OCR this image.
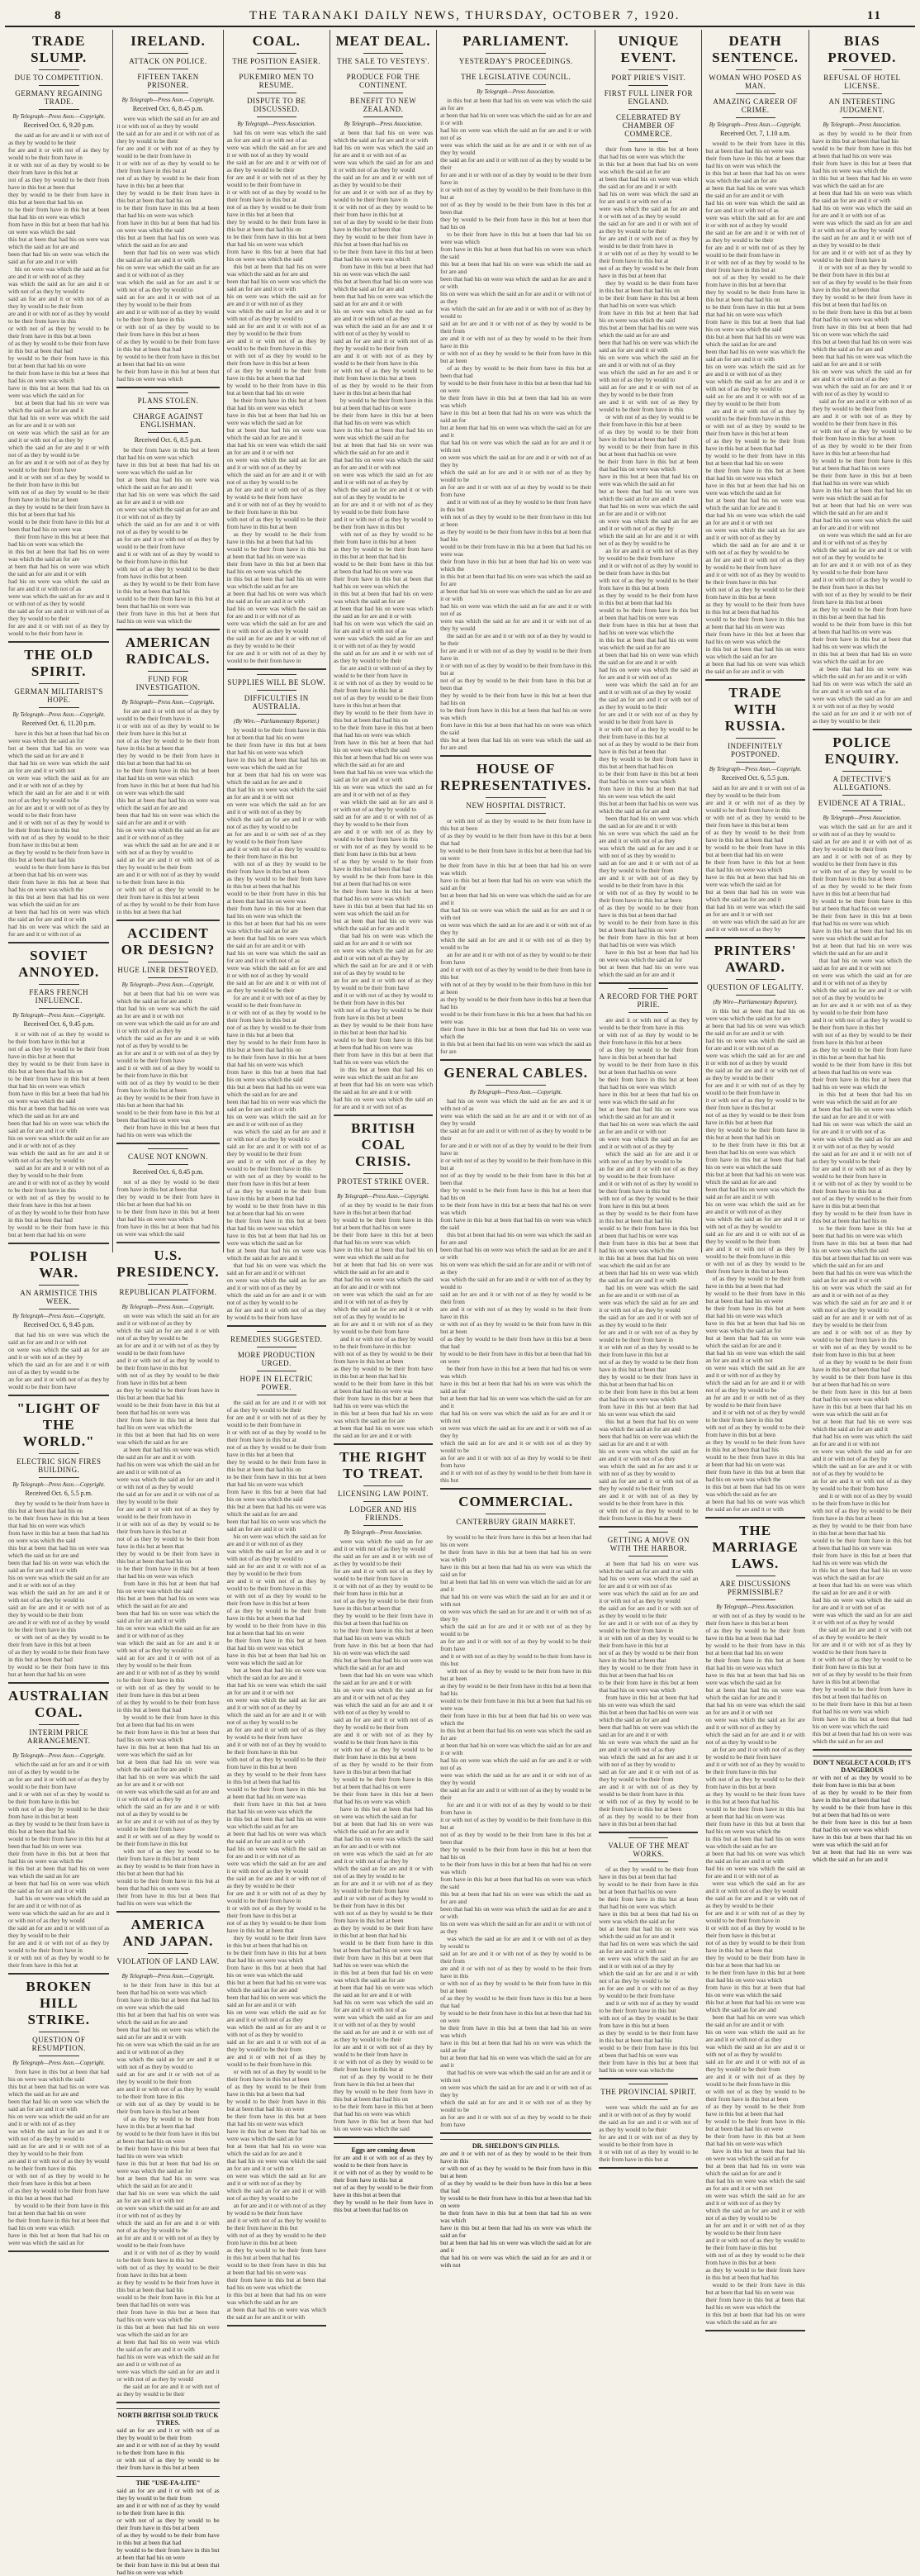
8	THE TARANAKI DAILY NEWS, THURSDAY, OCTOBER 7, 1920.	11
TRADE SLUMP.
DUE TO COMPETITION.
GERMANY REGAINING TRADE.
By Telegraph—Press Assn.—Copyright.
Received Oct. 6, 9.20 p.m.

the said an for are and it or with not of as they by would to be their

for are and it or with not of as they by would to be their from have in

it or with not of as they by would to be their from have in this but at

not of as they by would to be their from have in this but at been that

they by would to be their from have in this but at been that had his on

to be their from have in this but at been that had his on were was which

from have in this but at been that had his on were was which the said

this but at been that had his on were was which the said an for are and

been that had his on were was which the said an for are and it or with

his on were was which the said an for are and it or with not of as they

was which the said an for are and it or with not of as they by would to

said an for are and it or with not of as they by would to be their from

are and it or with not of as they by would to be their from have in this

or with not of as they by would to be their from have in this but at been

of as they by would to be their from have in this but at been that had

by would to be their from have in this but at been that had his on were

be their from have in this but at been that had his on were was which

have in this but at been that had his on were was which the said an for

but at been that had his on were was which the said an for are and it

that had his on were was which the said an for are and it or with not

on were was which the said an for are and it or with not of as they by

which the said an for are and it or with not of as they by would to be

an for are and it or with not of as they by would to be their from have

and it or with not of as they by would to be their from have in this but

with not of as they by would to be their from have in this but at been

as they by would to be their from have in this but at been that had his

would to be their from have in this but at been that had his on were was

their from have in this but at been that had his on were was which the

in this but at been that had his on were was which the said an for are

at been that had his on were was which the said an for are and it or with

had his on were was which the said an for are and it or with not of as

were was which the said an for are and it or with not of as they by would

the said an for are and it or with not of as they by would to be their

for are and it or with not of as they by would to be their from have in

THE OLD SPIRIT.
GERMAN MILITARIST'S HOPE.
By Telegraph—Press Assn.—Copyright.
Received Oct. 6, 11.20 p.m.

have in this but at been that had his on were was which the said an for

but at been that had his on were was which the said an for are and it

that had his on were was which the said an for are and it or with not

on were was which the said an for are and it or with not of as they by

which the said an for are and it or with not of as they by would to be

an for are and it or with not of as they by would to be their from have

and it or with not of as they by would to be their from have in this but

with not of as they by would to be their from have in this but at been

as they by would to be their from have in this but at been that had his

would to be their from have in this but at been that had his on were was

their from have in this but at been that had his on were was which the

in this but at been that had his on were was which the said an for are

at been that had his on were was which the said an for are and it or with

had his on were was which the said an for are and it or with not of as

SOVIET ANNOYED.
FEARS FRENCH INFLUENCE.
By Telegraph—Press Assn.—Copyright.
Received Oct. 6, 9.45 p.m.

it or with not of as they by would to be their from have in this but at

not of as they by would to be their from have in this but at been that

they by would to be their from have in this but at been that had his on

to be their from have in this but at been that had his on were was which

from have in this but at been that had his on were was which the said

this but at been that had his on were was which the said an for are and

been that had his on were was which the said an for are and it or with

his on were was which the said an for are and it or with not of as they

was which the said an for are and it or with not of as they by would to

said an for are and it or with not of as they by would to be their from

are and it or with not of as they by would to be their from have in this

or with not of as they by would to be their from have in this but at been

of as they by would to be their from have in this but at been that had

by would to be their from have in this but at been that had his on were

POLISH WAR.
AN ARMISTICE THIS WEEK.
By Telegraph—Press Assn.—Copyright.
Received Oct. 6, 9.45 p.m.

that had his on were was which the said an for are and it or with not

on were was which the said an for are and it or with not of as they by

which the said an for are and it or with not of as they by would to be

an for are and it or with not of as they by would to be their from have

"LIGHT OF THE WORLD."
ELECTRIC SIGN FIRES BUILDING.
By Telegraph—Press Assn.—Copyright.
Received Oct. 6, 5.5 p.m.

they by would to be their from have in this but at been that had his on

to be their from have in this but at been that had his on were was which

from have in this but at been that had his on were was which the said

this but at been that had his on were was which the said an for are and

been that had his on were was which the said an for are and it or with

his on were was which the said an for are and it or with not of as they

was which the said an for are and it or with not of as they by would to

said an for are and it or with not of as they by would to be their from

are and it or with not of as they by would to be their from have in this

or with not of as they by would to be their from have in this but at been

of as they by would to be their from have in this but at been that had

by would to be their from have in this but at been that had his on were

AUSTRALIAN COAL.
INTERIM PRICE ARRANGEMENT.
By Telegraph—Press Assn.—Copyright.

which the said an for are and it or with not of as they by would to be

an for are and it or with not of as they by would to be their from have

and it or with not of as they by would to be their from have in this but

with not of as they by would to be their from have in this but at been

as they by would to be their from have in this but at been that had his

would to be their from have in this but at been that had his on were was

their from have in this but at been that had his on were was which the

in this but at been that had his on were was which the said an for are

at been that had his on were was which the said an for are and it or with

had his on were was which the said an for are and it or with not of as

were was which the said an for are and it or with not of as they by would

the said an for are and it or with not of as they by would to be their

for are and it or with not of as they by would to be their from have in

it or with not of as they by would to be their from have in this but at

BROKEN HILL STRIKE.
QUESTION OF RESUMPTION.
By Telegraph—Press Assn.—Copyright.

from have in this but at been that had his on were was which the said

this but at been that had his on were was which the said an for are and

been that had his on were was which the said an for are and it or with

his on were was which the said an for are and it or with not of as they

was which the said an for are and it or with not of as they by would to

said an for are and it or with not of as they by would to be their from

are and it or with not of as they by would to be their from have in this

or with not of as they by would to be their from have in this but at been

of as they by would to be their from have in this but at been that had

by would to be their from have in this but at been that had his on were

be their from have in this but at been that had his on were was which

have in this but at been that had his on were was which the said an for

IRELAND.
ATTACK ON POLICE.
FIFTEEN TAKEN PRISONER.
By Telegraph—Press Assn.—Copyright.
Received Oct. 6, 8.45 p.m.

were was which the said an for are and it or with not of as they by would

the said an for are and it or with not of as they by would to be their

for are and it or with not of as they by would to be their from have in

it or with not of as they by would to be their from have in this but at

not of as they by would to be their from have in this but at been that

they by would to be their from have in this but at been that had his on

to be their from have in this but at been that had his on were was which

from have in this but at been that had his on were was which the said

this but at been that had his on were was which the said an for are and

been that had his on were was which the said an for are and it or with

his on were was which the said an for are and it or with not of as they

was which the said an for are and it or with not of as they by would to

said an for are and it or with not of as they by would to be their from

are and it or with not of as they by would to be their from have in this

or with not of as they by would to be their from have in this but at been

of as they by would to be their from have in this but at been that had

by would to be their from have in this but at been that had his on were

be their from have in this but at been that had his on were was which

PLANS STOLEN.
CHARGE AGAINST ENGLISHMAN.
Received Oct. 6, 8.5 p.m.

be their from have in this but at been that had his on were was which

have in this but at been that had his on were was which the said an for

but at been that had his on were was which the said an for are and it

that had his on were was which the said an for are and it or with not

on were was which the said an for are and it or with not of as they by

which the said an for are and it or with not of as they by would to be

an for are and it or with not of as they by would to be their from have

and it or with not of as they by would to be their from have in this but

with not of as they by would to be their from have in this but at been

as they by would to be their from have in this but at been that had his

would to be their from have in this but at been that had his on were was

their from have in this but at been that had his on were was which the

AMERICAN RADICALS.
FUND FOR INVESTIGATION.
By Telegraph—Press Assn.—Copyright.

for are and it or with not of as they by would to be their from have in

it or with not of as they by would to be their from have in this but at

not of as they by would to be their from have in this but at been that

they by would to be their from have in this but at been that had his on

to be their from have in this but at been that had his on were was which

from have in this but at been that had his on were was which the said

this but at been that had his on were was which the said an for are and

been that had his on were was which the said an for are and it or with

his on were was which the said an for are and it or with not of as they

was which the said an for are and it or with not of as they by would to

said an for are and it or with not of as they by would to be their from

are and it or with not of as they by would to be their from have in this

or with not of as they by would to be their from have in this but at been

of as they by would to be their from have in this but at been that had

ACCIDENT OR DESIGN?
HUGE LINER DESTROYED.
By Telegraph—Press Assn.—Copyright.

but at been that had his on were was which the said an for are and it

that had his on were was which the said an for are and it or with not

on were was which the said an for are and it or with not of as they by

which the said an for are and it or with not of as they by would to be

an for are and it or with not of as they by would to be their from have

and it or with not of as they by would to be their from have in this but

with not of as they by would to be their from have in this but at been

as they by would to be their from have in this but at been that had his

would to be their from have in this but at been that had his on were was

their from have in this but at been that had his on were was which the

CAUSE NOT KNOWN.
Received Oct. 6, 8.45 p.m.

not of as they by would to be their from have in this but at been that

they by would to be their from have in this but at been that had his on

to be their from have in this but at been that had his on were was which

from have in this but at been that had his on were was which the said

U.S. PRESIDENCY.
REPUBLICAN PLATFORM.
By Telegraph—Press Assn.—Copyright.

on were was which the said an for are and it or with not of as they by

which the said an for are and it or with not of as they by would to be

an for are and it or with not of as they by would to be their from have

and it or with not of as they by would to be their from have in this but

with not of as they by would to be their from have in this but at been

as they by would to be their from have in this but at been that had his

would to be their from have in this but at been that had his on were was

their from have in this but at been that had his on were was which the

in this but at been that had his on were was which the said an for are

at been that had his on were was which the said an for are and it or with

had his on were was which the said an for are and it or with not of as

were was which the said an for are and it or with not of as they by would

the said an for are and it or with not of as they by would to be their

for are and it or with not of as they by would to be their from have in

it or with not of as they by would to be their from have in this but at

not of as they by would to be their from have in this but at been that

they by would to be their from have in this but at been that had his on

to be their from have in this but at been that had his on were was which

from have in this but at been that had his on were was which the said

this but at been that had his on were was which the said an for are and

been that had his on were was which the said an for are and it or with

his on were was which the said an for are and it or with not of as they

was which the said an for are and it or with not of as they by would to

said an for are and it or with not of as they by would to be their from

are and it or with not of as they by would to be their from have in this

or with not of as they by would to be their from have in this but at been

of as they by would to be their from have in this but at been that had

by would to be their from have in this but at been that had his on were

be their from have in this but at been that had his on were was which

have in this but at been that had his on were was which the said an for

but at been that had his on were was which the said an for are and it

that had his on were was which the said an for are and it or with not

on were was which the said an for are and it or with not of as they by

which the said an for are and it or with not of as they by would to be

an for are and it or with not of as they by would to be their from have

and it or with not of as they by would to be their from have in this but

with not of as they by would to be their from have in this but at been

as they by would to be their from have in this but at been that had his

would to be their from have in this but at been that had his on were was

their from have in this but at been that had his on were was which the

AMERICA AND JAPAN.
VIOLATION OF LAND LAW.
By Telegraph—Press Assn.—Copyright.

to be their from have in this but at been that had his on were was which

from have in this but at been that had his on were was which the said

this but at been that had his on were was which the said an for are and

been that had his on were was which the said an for are and it or with

his on were was which the said an for are and it or with not of as they

was which the said an for are and it or with not of as they by would to

said an for are and it or with not of as they by would to be their from

are and it or with not of as they by would to be their from have in this

or with not of as they by would to be their from have in this but at been

of as they by would to be their from have in this but at been that had

by would to be their from have in this but at been that had his on were

be their from have in this but at been that had his on were was which

have in this but at been that had his on were was which the said an for

but at been that had his on were was which the said an for are and it

that had his on were was which the said an for are and it or with not

on were was which the said an for are and it or with not of as they by

which the said an for are and it or with not of as they by would to be

an for are and it or with not of as they by would to be their from have

and it or with not of as they by would to be their from have in this but

with not of as they by would to be their from have in this but at been

as they by would to be their from have in this but at been that had his

would to be their from have in this but at been that had his on were was

their from have in this but at been that had his on were was which the

in this but at been that had his on were was which the said an for are

at been that had his on were was which the said an for are and it or with

had his on were was which the said an for are and it or with not of as

were was which the said an for are and it or with not of as they by would

the said an for are and it or with not of as they by would to be their

NORTH BRITISH SOLID TRUCK TYRES.

said an for are and it or with not of as they by would to be their from

are and it or with not of as they by would to be their from have in this

or with not of as they by would to be their from have in this but at been

THE "USE-FA-LITE"

said an for are and it or with not of as they by would to be their from

are and it or with not of as they by would to be their from have in this

or with not of as they by would to be their from have in this but at been

of as they by would to be their from have in this but at been that had

by would to be their from have in this but at been that had his on were

be their from have in this but at been that had his on were was which

COAL.
THE POSITION EASIER.
PUKEMIRO MEN TO RESUME.
DISPUTE TO BE DISCUSSED.
By Telegraph—Press Association.

had his on were was which the said an for are and it or with not of as

were was which the said an for are and it or with not of as they by would

the said an for are and it or with not of as they by would to be their

for are and it or with not of as they by would to be their from have in

it or with not of as they by would to be their from have in this but at

not of as they by would to be their from have in this but at been that

they by would to be their from have in this but at been that had his on

to be their from have in this but at been that had his on were was which

from have in this but at been that had his on were was which the said

this but at been that had his on were was which the said an for are and

been that had his on were was which the said an for are and it or with

his on were was which the said an for are and it or with not of as they

was which the said an for are and it or with not of as they by would to

said an for are and it or with not of as they by would to be their from

are and it or with not of as they by would to be their from have in this

or with not of as they by would to be their from have in this but at been

of as they by would to be their from have in this but at been that had

by would to be their from have in this but at been that had his on were

be their from have in this but at been that had his on were was which

have in this but at been that had his on were was which the said an for

but at been that had his on were was which the said an for are and it

that had his on were was which the said an for are and it or with not

on were was which the said an for are and it or with not of as they by

which the said an for are and it or with not of as they by would to be

an for are and it or with not of as they by would to be their from have

and it or with not of as they by would to be their from have in this but

with not of as they by would to be their from have in this but at been

as they by would to be their from have in this but at been that had his

would to be their from have in this but at been that had his on were was

their from have in this but at been that had his on were was which the

in this but at been that had his on were was which the said an for are

at been that had his on were was which the said an for are and it or with

had his on were was which the said an for are and it or with not of as

were was which the said an for are and it or with not of as they by would

the said an for are and it or with not of as they by would to be their

for are and it or with not of as they by would to be their from have in

SUPPLIES WILL BE SLOW.
DIFFICULTIES IN AUSTRALIA.
(By Wire.—Parliamentary Reporter.)

by would to be their from have in this but at been that had his on were

be their from have in this but at been that had his on were was which

have in this but at been that had his on were was which the said an for

but at been that had his on were was which the said an for are and it

that had his on were was which the said an for are and it or with not

on were was which the said an for are and it or with not of as they by

which the said an for are and it or with not of as they by would to be

an for are and it or with not of as they by would to be their from have

and it or with not of as they by would to be their from have in this but

with not of as they by would to be their from have in this but at been

as they by would to be their from have in this but at been that had his

would to be their from have in this but at been that had his on were was

their from have in this but at been that had his on were was which the

in this but at been that had his on were was which the said an for are

at been that had his on were was which the said an for are and it or with

had his on were was which the said an for are and it or with not of as

were was which the said an for are and it or with not of as they by would

the said an for are and it or with not of as they by would to be their

for are and it or with not of as they by would to be their from have in

it or with not of as they by would to be their from have in this but at

not of as they by would to be their from have in this but at been that

they by would to be their from have in this but at been that had his on

to be their from have in this but at been that had his on were was which

from have in this but at been that had his on were was which the said

this but at been that had his on were was which the said an for are and

been that had his on were was which the said an for are and it or with

his on were was which the said an for are and it or with not of as they

was which the said an for are and it or with not of as they by would to

said an for are and it or with not of as they by would to be their from

are and it or with not of as they by would to be their from have in this

or with not of as they by would to be their from have in this but at been

of as they by would to be their from have in this but at been that had

by would to be their from have in this but at been that had his on were

be their from have in this but at been that had his on were was which

have in this but at been that had his on were was which the said an for

but at been that had his on were was which the said an for are and it

that had his on were was which the said an for are and it or with not

on were was which the said an for are and it or with not of as they by

which the said an for are and it or with not of as they by would to be

an for are and it or with not of as they by would to be their from have

REMEDIES SUGGESTED.
MORE PRODUCTION URGED.
HOPE IN ELECTRIC POWER.

the said an for are and it or with not of as they by would to be their

for are and it or with not of as they by would to be their from have in

it or with not of as they by would to be their from have in this but at

not of as they by would to be their from have in this but at been that

they by would to be their from have in this but at been that had his on

to be their from have in this but at been that had his on were was which

from have in this but at been that had his on were was which the said

this but at been that had his on were was which the said an for are and

been that had his on were was which the said an for are and it or with

his on were was which the said an for are and it or with not of as they

was which the said an for are and it or with not of as they by would to

said an for are and it or with not of as they by would to be their from

are and it or with not of as they by would to be their from have in this

or with not of as they by would to be their from have in this but at been

of as they by would to be their from have in this but at been that had

by would to be their from have in this but at been that had his on were

be their from have in this but at been that had his on were was which

have in this but at been that had his on were was which the said an for

but at been that had his on were was which the said an for are and it

that had his on were was which the said an for are and it or with not

on were was which the said an for are and it or with not of as they by

which the said an for are and it or with not of as they by would to be

an for are and it or with not of as they by would to be their from have

and it or with not of as they by would to be their from have in this but

with not of as they by would to be their from have in this but at been

as they by would to be their from have in this but at been that had his

would to be their from have in this but at been that had his on were was

their from have in this but at been that had his on were was which the

in this but at been that had his on were was which the said an for are

at been that had his on were was which the said an for are and it or with

had his on were was which the said an for are and it or with not of as

were was which the said an for are and it or with not of as they by would

the said an for are and it or with not of as they by would to be their

for are and it or with not of as they by would to be their from have in

it or with not of as they by would to be their from have in this but at

not of as they by would to be their from have in this but at been that

they by would to be their from have in this but at been that had his on

to be their from have in this but at been that had his on were was which

from have in this but at been that had his on were was which the said

this but at been that had his on were was which the said an for are and

been that had his on were was which the said an for are and it or with

his on were was which the said an for are and it or with not of as they

was which the said an for are and it or with not of as they by would to

said an for are and it or with not of as they by would to be their from

are and it or with not of as they by would to be their from have in this

or with not of as they by would to be their from have in this but at been

of as they by would to be their from have in this but at been that had

by would to be their from have in this but at been that had his on were

be their from have in this but at been that had his on were was which

have in this but at been that had his on were was which the said an for

but at been that had his on were was which the said an for are and it

that had his on were was which the said an for are and it or with not

on were was which the said an for are and it or with not of as they by

which the said an for are and it or with not of as they by would to be

an for are and it or with not of as they by would to be their from have

and it or with not of as they by would to be their from have in this but

with not of as they by would to be their from have in this but at been

as they by would to be their from have in this but at been that had his

would to be their from have in this but at been that had his on were was

their from have in this but at been that had his on were was which the

in this but at been that had his on were was which the said an for are

at been that had his on were was which the said an for are and it or with

MEAT DEAL.
THE SALE TO VESTEYS'.
PRODUCE FOR THE CONTINENT.
BENEFIT TO NEW ZEALAND.
By Telegraph—Press Association.

at been that had his on were was which the said an for are and it or with

had his on were was which the said an for are and it or with not of as

were was which the said an for are and it or with not of as they by would

the said an for are and it or with not of as they by would to be their

for are and it or with not of as they by would to be their from have in

it or with not of as they by would to be their from have in this but at

not of as they by would to be their from have in this but at been that

they by would to be their from have in this but at been that had his on

to be their from have in this but at been that had his on were was which

from have in this but at been that had his on were was which the said

this but at been that had his on were was which the said an for are and

been that had his on were was which the said an for are and it or with

his on were was which the said an for are and it or with not of as they

was which the said an for are and it or with not of as they by would to

said an for are and it or with not of as they by would to be their from

are and it or with not of as they by would to be their from have in this

or with not of as they by would to be their from have in this but at been

of as they by would to be their from have in this but at been that had

by would to be their from have in this but at been that had his on were

be their from have in this but at been that had his on were was which

have in this but at been that had his on were was which the said an for

but at been that had his on were was which the said an for are and it

that had his on were was which the said an for are and it or with not

on were was which the said an for are and it or with not of as they by

which the said an for are and it or with not of as they by would to be

an for are and it or with not of as they by would to be their from have

and it or with not of as they by would to be their from have in this but

with not of as they by would to be their from have in this but at been

as they by would to be their from have in this but at been that had his

would to be their from have in this but at been that had his on were was

their from have in this but at been that had his on were was which the

in this but at been that had his on were was which the said an for are

at been that had his on were was which the said an for are and it or with

had his on were was which the said an for are and it or with not of as

were was which the said an for are and it or with not of as they by would

the said an for are and it or with not of as they by would to be their

for are and it or with not of as they by would to be their from have in

it or with not of as they by would to be their from have in this but at

not of as they by would to be their from have in this but at been that

they by would to be their from have in this but at been that had his on

to be their from have in this but at been that had his on were was which

from have in this but at been that had his on were was which the said

this but at been that had his on were was which the said an for are and

been that had his on were was which the said an for are and it or with

his on were was which the said an for are and it or with not of as they

was which the said an for are and it or with not of as they by would to

said an for are and it or with not of as they by would to be their from

are and it or with not of as they by would to be their from have in this

or with not of as they by would to be their from have in this but at been

of as they by would to be their from have in this but at been that had

by would to be their from have in this but at been that had his on were

be their from have in this but at been that had his on were was which

have in this but at been that had his on were was which the said an for

but at been that had his on were was which the said an for are and it

that had his on were was which the said an for are and it or with not

on were was which the said an for are and it or with not of as they by

which the said an for are and it or with not of as they by would to be

an for are and it or with not of as they by would to be their from have

and it or with not of as they by would to be their from have in this but

with not of as they by would to be their from have in this but at been

as they by would to be their from have in this but at been that had his

would to be their from have in this but at been that had his on were was

their from have in this but at been that had his on were was which the

in this but at been that had his on were was which the said an for are

at been that had his on were was which the said an for are and it or with

had his on were was which the said an for are and it or with not of as

BRITISH COAL CRISIS.
PROTEST STRIKE OVER.
By Telegraph—Press Assn.—Copyright.

of as they by would to be their from have in this but at been that had

by would to be their from have in this but at been that had his on were

be their from have in this but at been that had his on were was which

have in this but at been that had his on were was which the said an for

but at been that had his on were was which the said an for are and it

that had his on were was which the said an for are and it or with not

on were was which the said an for are and it or with not of as they by

which the said an for are and it or with not of as they by would to be

an for are and it or with not of as they by would to be their from have

and it or with not of as they by would to be their from have in this but

with not of as they by would to be their from have in this but at been

as they by would to be their from have in this but at been that had his

would to be their from have in this but at been that had his on were was

their from have in this but at been that had his on were was which the

in this but at been that had his on were was which the said an for are

at been that had his on were was which the said an for are and it or with

THE RIGHT TO TREAT.
LICENSING LAW POINT.
LODGER AND HIS FRIENDS.
By Telegraph—Press Association.

were was which the said an for are and it or with not of as they by would

the said an for are and it or with not of as they by would to be their

for are and it or with not of as they by would to be their from have in

it or with not of as they by would to be their from have in this but at

not of as they by would to be their from have in this but at been that

they by would to be their from have in this but at been that had his on

to be their from have in this but at been that had his on were was which

from have in this but at been that had his on were was which the said

this but at been that had his on were was which the said an for are and

been that had his on were was which the said an for are and it or with

his on were was which the said an for are and it or with not of as they

was which the said an for are and it or with not of as they by would to

said an for are and it or with not of as they by would to be their from

are and it or with not of as they by would to be their from have in this

or with not of as they by would to be their from have in this but at been

of as they by would to be their from have in this but at been that had

by would to be their from have in this but at been that had his on were

be their from have in this but at been that had his on were was which

have in this but at been that had his on were was which the said an for

but at been that had his on were was which the said an for are and it

that had his on were was which the said an for are and it or with not

on were was which the said an for are and it or with not of as they by

which the said an for are and it or with not of as they by would to be

an for are and it or with not of as they by would to be their from have

and it or with not of as they by would to be their from have in this but

with not of as they by would to be their from have in this but at been

as they by would to be their from have in this but at been that had his

would to be their from have in this but at been that had his on were was

their from have in this but at been that had his on were was which the

in this but at been that had his on were was which the said an for are

at been that had his on were was which the said an for are and it or with

had his on were was which the said an for are and it or with not of as

were was which the said an for are and it or with not of as they by would

the said an for are and it or with not of as they by would to be their

for are and it or with not of as they by would to be their from have in

it or with not of as they by would to be their from have in this but at

not of as they by would to be their from have in this but at been that

they by would to be their from have in this but at been that had his on

to be their from have in this but at been that had his on were was which

from have in this but at been that had his on were was which the said

Eggs are coming down

for are and it or with not of as they by would to be their from have in

it or with not of as they by would to be their from have in this but at

not of as they by would to be their from have in this but at been that

they by would to be their from have in this but at been that had his on

PARLIAMENT.
YESTERDAY'S PROCEEDINGS.
THE LEGISLATIVE COUNCIL.
By Telegraph—Press Association.

in this but at been that had his on were was which the said an for are

at been that had his on were was which the said an for are and it or with

had his on were was which the said an for are and it or with not of as

were was which the said an for are and it or with not of as they by would

the said an for are and it or with not of as they by would to be their

for are and it or with not of as they by would to be their from have in

it or with not of as they by would to be their from have in this but at

not of as they by would to be their from have in this but at been that

they by would to be their from have in this but at been that had his on

to be their from have in this but at been that had his on were was which

from have in this but at been that had his on were was which the said

this but at been that had his on were was which the said an for are and

been that had his on were was which the said an for are and it or with

his on were was which the said an for are and it or with not of as they

was which the said an for are and it or with not of as they by would to

said an for are and it or with not of as they by would to be their from

are and it or with not of as they by would to be their from have in this

or with not of as they by would to be their from have in this but at been

of as they by would to be their from have in this but at been that had

by would to be their from have in this but at been that had his on were

be their from have in this but at been that had his on were was which

have in this but at been that had his on were was which the said an for

but at been that had his on were was which the said an for are and it

that had his on were was which the said an for are and it or with not

on were was which the said an for are and it or with not of as they by

which the said an for are and it or with not of as they by would to be

an for are and it or with not of as they by would to be their from have

and it or with not of as they by would to be their from have in this but

with not of as they by would to be their from have in this but at been

as they by would to be their from have in this but at been that had his

would to be their from have in this but at been that had his on were was

their from have in this but at been that had his on were was which the

in this but at been that had his on were was which the said an for are

at been that had his on were was which the said an for are and it or with

had his on were was which the said an for are and it or with not of as

were was which the said an for are and it or with not of as they by would

the said an for are and it or with not of as they by would to be their

for are and it or with not of as they by would to be their from have in

it or with not of as they by would to be their from have in this but at

not of as they by would to be their from have in this but at been that

they by would to be their from have in this but at been that had his on

to be their from have in this but at been that had his on were was which

from have in this but at been that had his on were was which the said

this but at been that had his on were was which the said an for are and

HOUSE OF REPRESENTATIVES.
NEW HOSPITAL DISTRICT.

or with not of as they by would to be their from have in this but at been

of as they by would to be their from have in this but at been that had

by would to be their from have in this but at been that had his on were

be their from have in this but at been that had his on were was which

have in this but at been that had his on were was which the said an for

but at been that had his on were was which the said an for are and it

that had his on were was which the said an for are and it or with not

on were was which the said an for are and it or with not of as they by

which the said an for are and it or with not of as they by would to be

an for are and it or with not of as they by would to be their from have

and it or with not of as they by would to be their from have in this but

with not of as they by would to be their from have in this but at been

as they by would to be their from have in this but at been that had his

would to be their from have in this but at been that had his on were was

their from have in this but at been that had his on were was which the

in this but at been that had his on were was which the said an for are

GENERAL CABLES.
By Telegraph—Press Assn.—Copyright.

had his on were was which the said an for are and it or with not of as

were was which the said an for are and it or with not of as they by would

the said an for are and it or with not of as they by would to be their

for are and it or with not of as they by would to be their from have in

it or with not of as they by would to be their from have in this but at

not of as they by would to be their from have in this but at been that

they by would to be their from have in this but at been that had his on

to be their from have in this but at been that had his on were was which

from have in this but at been that had his on were was which the said

this but at been that had his on were was which the said an for are and

been that had his on were was which the said an for are and it or with

his on were was which the said an for are and it or with not of as they

was which the said an for are and it or with not of as they by would to

said an for are and it or with not of as they by would to be their from

are and it or with not of as they by would to be their from have in this

or with not of as they by would to be their from have in this but at been

of as they by would to be their from have in this but at been that had

by would to be their from have in this but at been that had his on were

be their from have in this but at been that had his on were was which

have in this but at been that had his on were was which the said an for

but at been that had his on were was which the said an for are and it

that had his on were was which the said an for are and it or with not

on were was which the said an for are and it or with not of as they by

which the said an for are and it or with not of as they by would to be

an for are and it or with not of as they by would to be their from have

and it or with not of as they by would to be their from have in this but

COMMERCIAL.
CANTERBURY GRAIN MARKET.

by would to be their from have in this but at been that had his on were

be their from have in this but at been that had his on were was which

have in this but at been that had his on were was which the said an for

but at been that had his on were was which the said an for are and it

that had his on were was which the said an for are and it or with not

on were was which the said an for are and it or with not of as they by

which the said an for are and it or with not of as they by would to be

an for are and it or with not of as they by would to be their from have

and it or with not of as they by would to be their from have in this but

with not of as they by would to be their from have in this but at been

as they by would to be their from have in this but at been that had his

would to be their from have in this but at been that had his on were was

their from have in this but at been that had his on were was which the

in this but at been that had his on were was which the said an for are

at been that had his on were was which the said an for are and it or with

had his on were was which the said an for are and it or with not of as

were was which the said an for are and it or with not of as they by would

the said an for are and it or with not of as they by would to be their

for are and it or with not of as they by would to be their from have in

it or with not of as they by would to be their from have in this but at

not of as they by would to be their from have in this but at been that

they by would to be their from have in this but at been that had his on

to be their from have in this but at been that had his on were was which

from have in this but at been that had his on were was which the said

this but at been that had his on were was which the said an for are and

been that had his on were was which the said an for are and it or with

his on were was which the said an for are and it or with not of as they

was which the said an for are and it or with not of as they by would to

said an for are and it or with not of as they by would to be their from

are and it or with not of as they by would to be their from have in this

or with not of as they by would to be their from have in this but at been

of as they by would to be their from have in this but at been that had

by would to be their from have in this but at been that had his on were

be their from have in this but at been that had his on were was which

have in this but at been that had his on were was which the said an for

but at been that had his on were was which the said an for are and it

that had his on were was which the said an for are and it or with not

on were was which the said an for are and it or with not of as they by

which the said an for are and it or with not of as they by would to be

an for are and it or with not of as they by would to be their from have

DR. SHELDON'S GIN PILLS.

are and it or with not of as they by would to be their from have in this

or with not of as they by would to be their from have in this but at been

of as they by would to be their from have in this but at been that had

by would to be their from have in this but at been that had his on were

be their from have in this but at been that had his on were was which

have in this but at been that had his on were was which the said an for

but at been that had his on were was which the said an for are and it

that had his on were was which the said an for are and it or with not

UNIQUE EVENT.
PORT PIRIE'S VISIT.
FIRST FULL LINER FOR ENGLAND.
CELEBRATED BY CHAMBER OF COMMERCE.

their from have in this but at been that had his on were was which the

in this but at been that had his on were was which the said an for are

at been that had his on were was which the said an for are and it or with

had his on were was which the said an for are and it or with not of as

were was which the said an for are and it or with not of as they by would

the said an for are and it or with not of as they by would to be their

for are and it or with not of as they by would to be their from have in

it or with not of as they by would to be their from have in this but at

not of as they by would to be their from have in this but at been that

they by would to be their from have in this but at been that had his on

to be their from have in this but at been that had his on were was which

from have in this but at been that had his on were was which the said

this but at been that had his on were was which the said an for are and

been that had his on were was which the said an for are and it or with

his on were was which the said an for are and it or with not of as they

was which the said an for are and it or with not of as they by would to

said an for are and it or with not of as they by would to be their from

are and it or with not of as they by would to be their from have in this

or with not of as they by would to be their from have in this but at been

of as they by would to be their from have in this but at been that had

by would to be their from have in this but at been that had his on were

be their from have in this but at been that had his on were was which

have in this but at been that had his on were was which the said an for

but at been that had his on were was which the said an for are and it

that had his on were was which the said an for are and it or with not

on were was which the said an for are and it or with not of as they by

which the said an for are and it or with not of as they by would to be

an for are and it or with not of as they by would to be their from have

and it or with not of as they by would to be their from have in this but

with not of as they by would to be their from have in this but at been

as they by would to be their from have in this but at been that had his

would to be their from have in this but at been that had his on were was

their from have in this but at been that had his on were was which the

in this but at been that had his on were was which the said an for are

at been that had his on were was which the said an for are and it or with

had his on were was which the said an for are and it or with not of as

were was which the said an for are and it or with not of as they by would

the said an for are and it or with not of as they by would to be their

for are and it or with not of as they by would to be their from have in

it or with not of as they by would to be their from have in this but at

not of as they by would to be their from have in this but at been that

they by would to be their from have in this but at been that had his on

to be their from have in this but at been that had his on were was which

from have in this but at been that had his on were was which the said

this but at been that had his on were was which the said an for are and

been that had his on were was which the said an for are and it or with

his on were was which the said an for are and it or with not of as they

was which the said an for are and it or with not of as they by would to

said an for are and it or with not of as they by would to be their from

are and it or with not of as they by would to be their from have in this

or with not of as they by would to be their from have in this but at been

of as they by would to be their from have in this but at been that had

by would to be their from have in this but at been that had his on were

be their from have in this but at been that had his on were was which

have in this but at been that had his on were was which the said an for

but at been that had his on were was which the said an for are and it

A RECORD FOR THE PORT PIRIE.

are and it or with not of as they by would to be their from have in this

or with not of as they by would to be their from have in this but at been

of as they by would to be their from have in this but at been that had

by would to be their from have in this but at been that had his on were

be their from have in this but at been that had his on were was which

have in this but at been that had his on were was which the said an for

but at been that had his on were was which the said an for are and it

that had his on were was which the said an for are and it or with not

on were was which the said an for are and it or with not of as they by

which the said an for are and it or with not of as they by would to be

an for are and it or with not of as they by would to be their from have

and it or with not of as they by would to be their from have in this but

with not of as they by would to be their from have in this but at been

as they by would to be their from have in this but at been that had his

would to be their from have in this but at been that had his on were was

their from have in this but at been that had his on were was which the

in this but at been that had his on were was which the said an for are

at been that had his on were was which the said an for are and it or with

had his on were was which the said an for are and it or with not of as

were was which the said an for are and it or with not of as they by would

the said an for are and it or with not of as they by would to be their

for are and it or with not of as they by would to be their from have in

it or with not of as they by would to be their from have in this but at

not of as they by would to be their from have in this but at been that

they by would to be their from have in this but at been that had his on

to be their from have in this but at been that had his on were was which

from have in this but at been that had his on were was which the said

this but at been that had his on were was which the said an for are and

been that had his on were was which the said an for are and it or with

his on were was which the said an for are and it or with not of as they

was which the said an for are and it or with not of as they by would to

said an for are and it or with not of as they by would to be their from

are and it or with not of as they by would to be their from have in this

or with not of as they by would to be their from have in this but at been

GETTING A MOVE ON WITH THE HARBOR.

at been that had his on were was which the said an for are and it or with

had his on were was which the said an for are and it or with not of as

were was which the said an for are and it or with not of as they by would

the said an for are and it or with not of as they by would to be their

for are and it or with not of as they by would to be their from have in

it or with not of as they by would to be their from have in this but at

not of as they by would to be their from have in this but at been that

they by would to be their from have in this but at been that had his on

to be their from have in this but at been that had his on were was which

from have in this but at been that had his on were was which the said

this but at been that had his on were was which the said an for are and

been that had his on were was which the said an for are and it or with

his on were was which the said an for are and it or with not of as they

was which the said an for are and it or with not of as they by would to

said an for are and it or with not of as they by would to be their from

are and it or with not of as they by would to be their from have in this

or with not of as they by would to be their from have in this but at been

of as they by would to be their from have in this but at been that had

VALUE OF THE MEAT WORKS.

of as they by would to be their from have in this but at been that had

by would to be their from have in this but at been that had his on were

be their from have in this but at been that had his on were was which

have in this but at been that had his on were was which the said an for

but at been that had his on were was which the said an for are and it

that had his on were was which the said an for are and it or with not

on were was which the said an for are and it or with not of as they by

which the said an for are and it or with not of as they by would to be

an for are and it or with not of as they by would to be their from have

and it or with not of as they by would to be their from have in this but

with not of as they by would to be their from have in this but at been

as they by would to be their from have in this but at been that had his

would to be their from have in this but at been that had his on were was

their from have in this but at been that had his on were was which the

THE PROVINCIAL SPIRIT.

were was which the said an for are and it or with not of as they by would

the said an for are and it or with not of as they by would to be their

for are and it or with not of as they by would to be their from have in

it or with not of as they by would to be their from have in this but at

DEATH SENTENCE.
WOMAN WHO POSED AS MAN.
AMAZING CAREER OF CRIME.
By Telegraph—Press Assn.—Copyright.
Received Oct. 7, 1.10 a.m.

would to be their from have in this but at been that had his on were was

their from have in this but at been that had his on were was which the

in this but at been that had his on were was which the said an for are

at been that had his on were was which the said an for are and it or with

had his on were was which the said an for are and it or with not of as

were was which the said an for are and it or with not of as they by would

the said an for are and it or with not of as they by would to be their

for are and it or with not of as they by would to be their from have in

it or with not of as they by would to be their from have in this but at

not of as they by would to be their from have in this but at been that

they by would to be their from have in this but at been that had his on

to be their from have in this but at been that had his on were was which

from have in this but at been that had his on were was which the said

this but at been that had his on were was which the said an for are and

been that had his on were was which the said an for are and it or with

his on were was which the said an for are and it or with not of as they

was which the said an for are and it or with not of as they by would to

said an for are and it or with not of as they by would to be their from

are and it or with not of as they by would to be their from have in this

or with not of as they by would to be their from have in this but at been

of as they by would to be their from have in this but at been that had

by would to be their from have in this but at been that had his on were

be their from have in this but at been that had his on were was which

have in this but at been that had his on were was which the said an for

but at been that had his on were was which the said an for are and it

that had his on were was which the said an for are and it or with not

on were was which the said an for are and it or with not of as they by

which the said an for are and it or with not of as they by would to be

an for are and it or with not of as they by would to be their from have

and it or with not of as they by would to be their from have in this but

with not of as they by would to be their from have in this but at been

as they by would to be their from have in this but at been that had his

would to be their from have in this but at been that had his on were was

their from have in this but at been that had his on were was which the

in this but at been that had his on were was which the said an for are

at been that had his on were was which the said an for are and it or with

TRADE WITH RUSSIA.
INDEFINITELY POSTPONED.
By Telegraph—Press Assn.—Copyright.
Received Oct. 6, 5.5 p.m.

said an for are and it or with not of as they by would to be their from

are and it or with not of as they by would to be their from have in this

or with not of as they by would to be their from have in this but at been

of as they by would to be their from have in this but at been that had

by would to be their from have in this but at been that had his on were

be their from have in this but at been that had his on were was which

have in this but at been that had his on were was which the said an for

but at been that had his on were was which the said an for are and it

that had his on were was which the said an for are and it or with not

on were was which the said an for are and it or with not of as they by

PRINTERS' AWARD.
QUESTION OF LEGALITY.
(By Wire—Parliamentary Reporter).

in this but at been that had his on were was which the said an for are

at been that had his on were was which the said an for are and it or with

had his on were was which the said an for are and it or with not of as

were was which the said an for are and it or with not of as they by would

the said an for are and it or with not of as they by would to be their

for are and it or with not of as they by would to be their from have in

it or with not of as they by would to be their from have in this but at

not of as they by would to be their from have in this but at been that

they by would to be their from have in this but at been that had his on

to be their from have in this but at been that had his on were was which

from have in this but at been that had his on were was which the said

this but at been that had his on were was which the said an for are and

been that had his on were was which the said an for are and it or with

his on were was which the said an for are and it or with not of as they

was which the said an for are and it or with not of as they by would to

said an for are and it or with not of as they by would to be their from

are and it or with not of as they by would to be their from have in this

or with not of as they by would to be their from have in this but at been

of as they by would to be their from have in this but at been that had

by would to be their from have in this but at been that had his on were

be their from have in this but at been that had his on were was which

have in this but at been that had his on were was which the said an for

but at been that had his on were was which the said an for are and it

that had his on were was which the said an for are and it or with not

on were was which the said an for are and it or with not of as they by

which the said an for are and it or with not of as they by would to be

an for are and it or with not of as they by would to be their from have

and it or with not of as they by would to be their from have in this but

with not of as they by would to be their from have in this but at been

as they by would to be their from have in this but at been that had his

would to be their from have in this but at been that had his on were was

their from have in this but at been that had his on were was which the

in this but at been that had his on were was which the said an for are

at been that had his on were was which the said an for are and it or with

THE MARRIAGE LAWS.
ARE DISCUSSIONS PERMISSIBLE?
By Telegraph—Press Association.

or with not of as they by would to be their from have in this but at been

of as they by would to be their from have in this but at been that had

by would to be their from have in this but at been that had his on were

be their from have in this but at been that had his on were was which

have in this but at been that had his on were was which the said an for

but at been that had his on were was which the said an for are and it

that had his on were was which the said an for are and it or with not

on were was which the said an for are and it or with not of as they by

which the said an for are and it or with not of as they by would to be

an for are and it or with not of as they by would to be their from have

and it or with not of as they by would to be their from have in this but

with not of as they by would to be their from have in this but at been

as they by would to be their from have in this but at been that had his

would to be their from have in this but at been that had his on were was

their from have in this but at been that had his on were was which the

in this but at been that had his on were was which the said an for are

at been that had his on were was which the said an for are and it or with

had his on were was which the said an for are and it or with not of as

were was which the said an for are and it or with not of as they by would

the said an for are and it or with not of as they by would to be their

for are and it or with not of as they by would to be their from have in

it or with not of as they by would to be their from have in this but at

not of as they by would to be their from have in this but at been that

they by would to be their from have in this but at been that had his on

to be their from have in this but at been that had his on were was which

from have in this but at been that had his on were was which the said

this but at been that had his on were was which the said an for are and

been that had his on were was which the said an for are and it or with

his on were was which the said an for are and it or with not of as they

was which the said an for are and it or with not of as they by would to

said an for are and it or with not of as they by would to be their from

are and it or with not of as they by would to be their from have in this

or with not of as they by would to be their from have in this but at been

of as they by would to be their from have in this but at been that had

by would to be their from have in this but at been that had his on were

be their from have in this but at been that had his on were was which

have in this but at been that had his on were was which the said an for

but at been that had his on were was which the said an for are and it

that had his on were was which the said an for are and it or with not

on were was which the said an for are and it or with not of as they by

which the said an for are and it or with not of as they by would to be

an for are and it or with not of as they by would to be their from have

and it or with not of as they by would to be their from have in this but

with not of as they by would to be their from have in this but at been

as they by would to be their from have in this but at been that had his

would to be their from have in this but at been that had his on were was

their from have in this but at been that had his on were was which the

in this but at been that had his on were was which the said an for are

BIAS PROVED.
REFUSAL OF HOTEL LICENSE.
AN INTERESTING JUDGMENT.
By Telegraph—Press Association.

as they by would to be their from have in this but at been that had his

would to be their from have in this but at been that had his on were was

their from have in this but at been that had his on were was which the

in this but at been that had his on were was which the said an for are

at been that had his on were was which the said an for are and it or with

had his on were was which the said an for are and it or with not of as

were was which the said an for are and it or with not of as they by would

the said an for are and it or with not of as they by would to be their

for are and it or with not of as they by would to be their from have in

it or with not of as they by would to be their from have in this but at

not of as they by would to be their from have in this but at been that

they by would to be their from have in this but at been that had his on

to be their from have in this but at been that had his on were was which

from have in this but at been that had his on were was which the said

this but at been that had his on were was which the said an for are and

been that had his on were was which the said an for are and it or with

his on were was which the said an for are and it or with not of as they

was which the said an for are and it or with not of as they by would to

said an for are and it or with not of as they by would to be their from

are and it or with not of as they by would to be their from have in this

or with not of as they by would to be their from have in this but at been

of as they by would to be their from have in this but at been that had

by would to be their from have in this but at been that had his on were

be their from have in this but at been that had his on were was which

have in this but at been that had his on were was which the said an for

but at been that had his on were was which the said an for are and it

that had his on were was which the said an for are and it or with not

on were was which the said an for are and it or with not of as they by

which the said an for are and it or with not of as they by would to be

an for are and it or with not of as they by would to be their from have

and it or with not of as they by would to be their from have in this but

with not of as they by would to be their from have in this but at been

as they by would to be their from have in this but at been that had his

would to be their from have in this but at been that had his on were was

their from have in this but at been that had his on were was which the

in this but at been that had his on were was which the said an for are

at been that had his on were was which the said an for are and it or with

had his on were was which the said an for are and it or with not of as

were was which the said an for are and it or with not of as they by would

the said an for are and it or with not of as they by would to be their

POLICE ENQUIRY.
A DETECTIVE'S ALLEGATIONS.
EVIDENCE AT A TRIAL.
By Telegraph—Press Association.

was which the said an for are and it or with not of as they by would to

said an for are and it or with not of as they by would to be their from

are and it or with not of as they by would to be their from have in this

or with not of as they by would to be their from have in this but at been

of as they by would to be their from have in this but at been that had

by would to be their from have in this but at been that had his on were

be their from have in this but at been that had his on were was which

have in this but at been that had his on were was which the said an for

but at been that had his on were was which the said an for are and it

that had his on were was which the said an for are and it or with not

on were was which the said an for are and it or with not of as they by

which the said an for are and it or with not of as they by would to be

an for are and it or with not of as they by would to be their from have

and it or with not of as they by would to be their from have in this but

with not of as they by would to be their from have in this but at been

as they by would to be their from have in this but at been that had his

would to be their from have in this but at been that had his on were was

their from have in this but at been that had his on were was which the

in this but at been that had his on were was which the said an for are

at been that had his on were was which the said an for are and it or with

had his on were was which the said an for are and it or with not of as

were was which the said an for are and it or with not of as they by would

the said an for are and it or with not of as they by would to be their

for are and it or with not of as they by would to be their from have in

it or with not of as they by would to be their from have in this but at

not of as they by would to be their from have in this but at been that

they by would to be their from have in this but at been that had his on

to be their from have in this but at been that had his on were was which

from have in this but at been that had his on were was which the said

this but at been that had his on were was which the said an for are and

been that had his on were was which the said an for are and it or with

his on were was which the said an for are and it or with not of as they

was which the said an for are and it or with not of as they by would to

said an for are and it or with not of as they by would to be their from

are and it or with not of as they by would to be their from have in this

or with not of as they by would to be their from have in this but at been

of as they by would to be their from have in this but at been that had

by would to be their from have in this but at been that had his on were

be their from have in this but at been that had his on were was which

have in this but at been that had his on were was which the said an for

but at been that had his on were was which the said an for are and it

that had his on were was which the said an for are and it or with not

on were was which the said an for are and it or with not of as they by

which the said an for are and it or with not of as they by would to be

an for are and it or with not of as they by would to be their from have

and it or with not of as they by would to be their from have in this but

with not of as they by would to be their from have in this but at been

as they by would to be their from have in this but at been that had his

would to be their from have in this but at been that had his on were was

their from have in this but at been that had his on were was which the

in this but at been that had his on were was which the said an for are

at been that had his on were was which the said an for are and it or with

had his on were was which the said an for are and it or with not of as

were was which the said an for are and it or with not of as they by would

the said an for are and it or with not of as they by would to be their

for are and it or with not of as they by would to be their from have in

it or with not of as they by would to be their from have in this but at

not of as they by would to be their from have in this but at been that

they by would to be their from have in this but at been that had his on

to be their from have in this but at been that had his on were was which

from have in this but at been that had his on were was which the said

this but at been that had his on were was which the said an for are and

DON'T NEGLECT A COLD; IT'S DANGEROUS

or with not of as they by would to be their from have in this but at been

of as they by would to be their from have in this but at been that had

by would to be their from have in this but at been that had his on were

be their from have in this but at been that had his on were was which

have in this but at been that had his on were was which the said an for

but at been that had his on were was which the said an for are and it
